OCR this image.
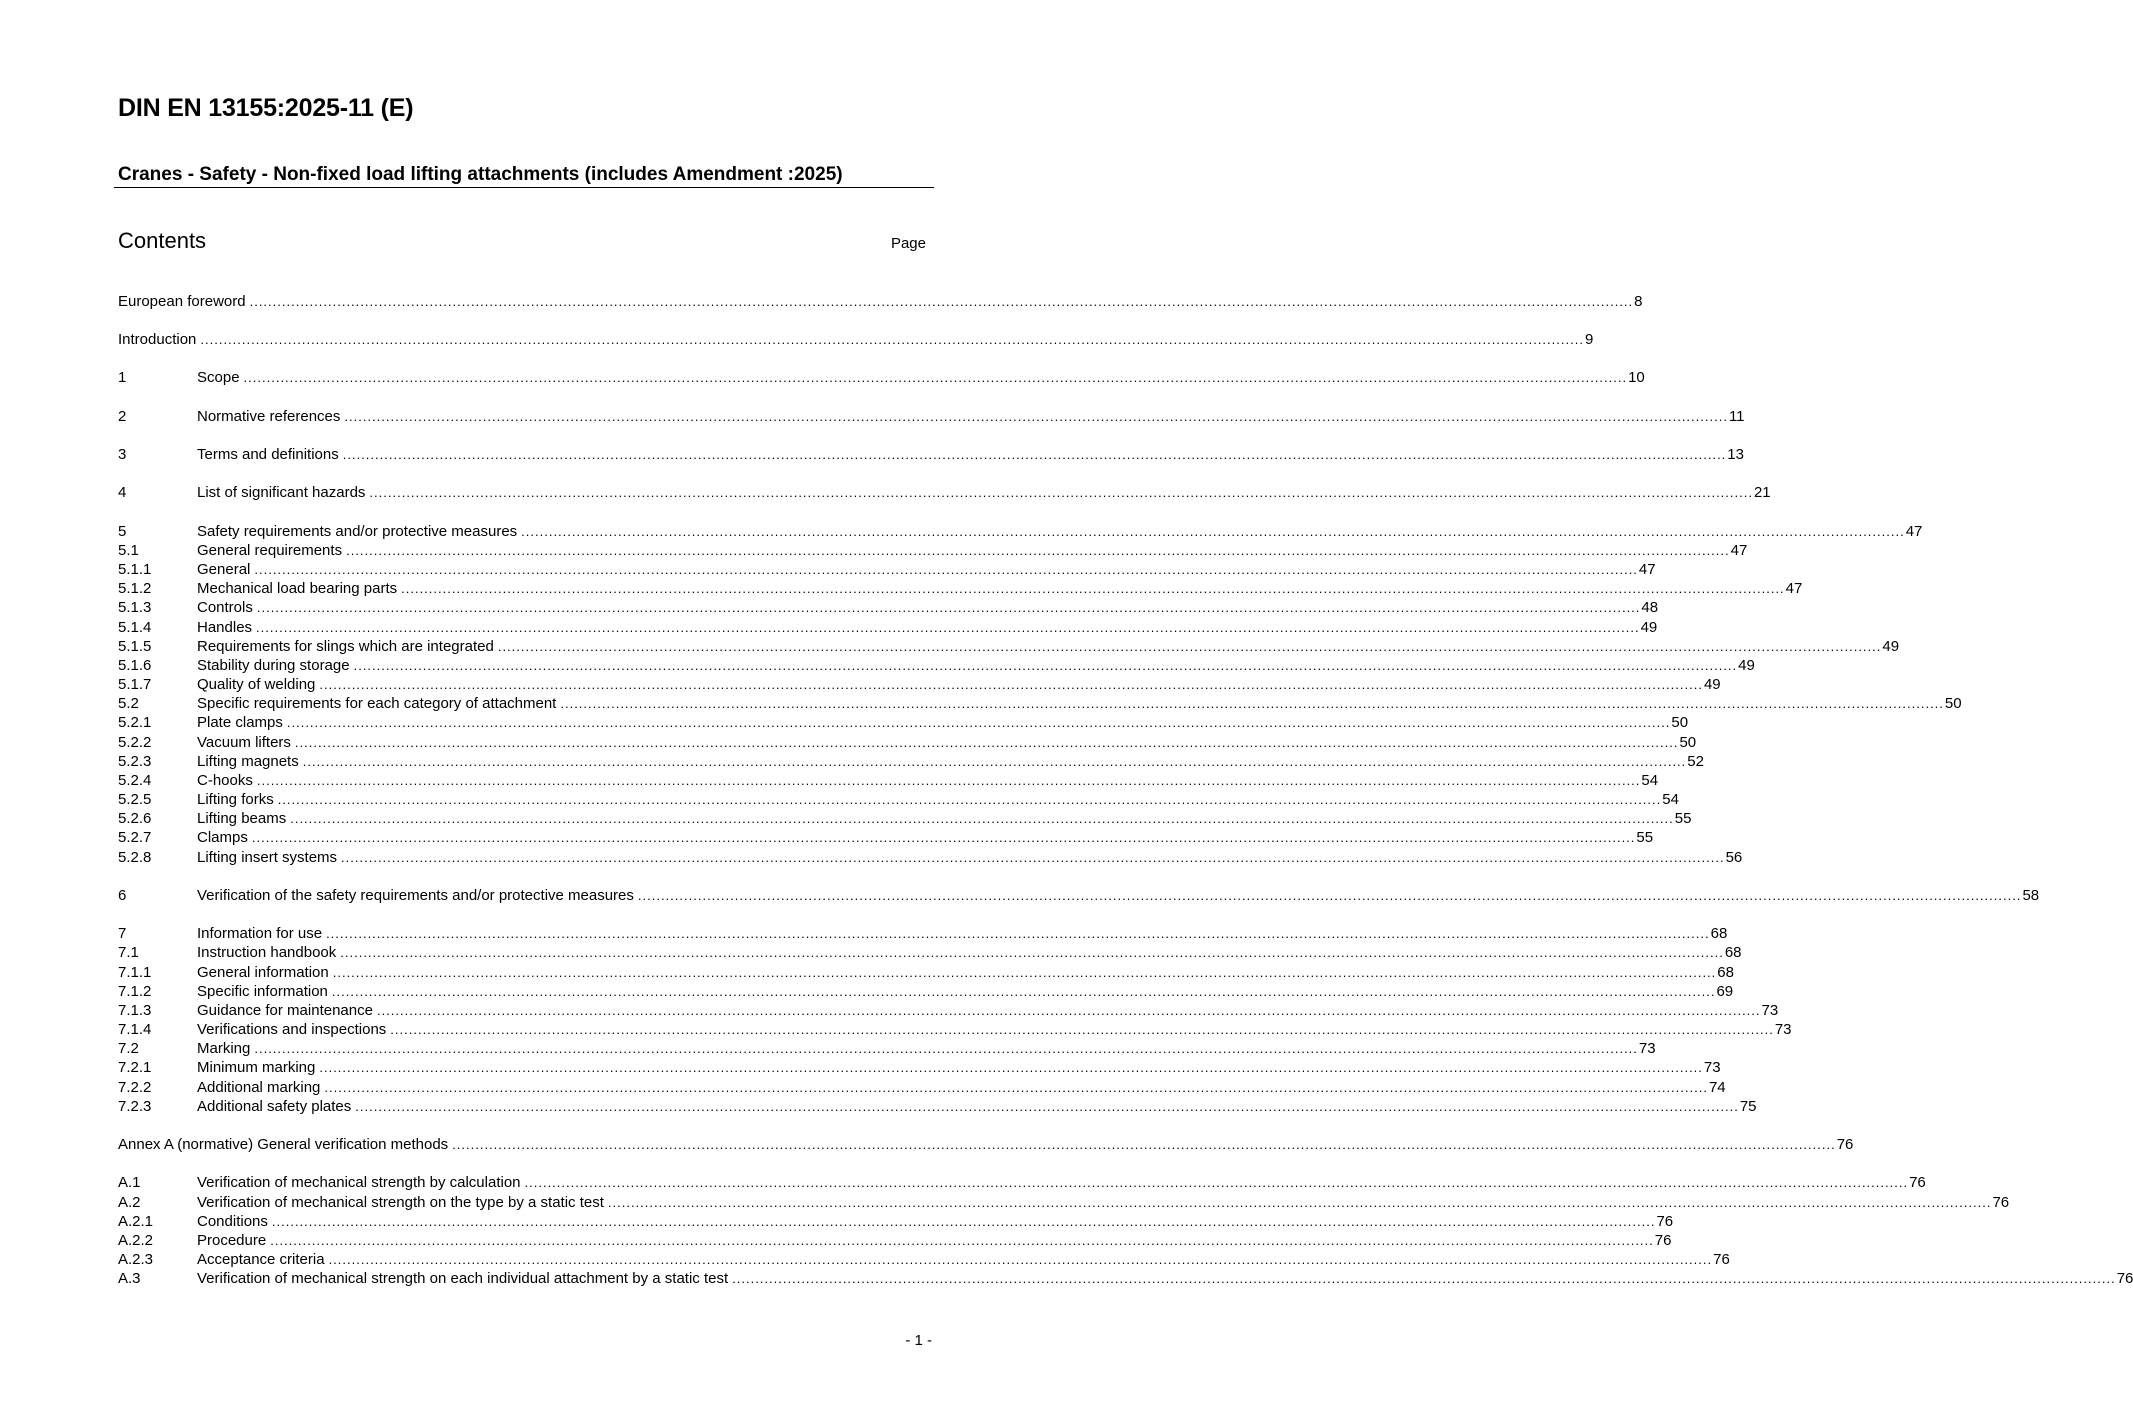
DIN EN 13155:2025-11 (E)
Cranes - Safety - Non-fixed load lifting attachments (includes Amendment :2025)
Contents	Page
European foreword ............................................................................................................................................................................................................................................................................................................ 8
Introduction ............................................................................................................................................................................................................................................................................................................ 9
1	Scope ............................................................................................................................................................................................................................................................................................................ 10
2	Normative references ............................................................................................................................................................................................................................................................................................................ 11
3	Terms and definitions ............................................................................................................................................................................................................................................................................................................ 13
4	List of significant hazards ............................................................................................................................................................................................................................................................................................................ 21
5	Safety requirements and/or protective measures ............................................................................................................................................................................................................................................................................................................ 47
5.1	General requirements ............................................................................................................................................................................................................................................................................................................ 47
5.1.1	General ............................................................................................................................................................................................................................................................................................................ 47
5.1.2	Mechanical load bearing parts ............................................................................................................................................................................................................................................................................................................ 47
5.1.3	Controls ............................................................................................................................................................................................................................................................................................................ 48
5.1.4	Handles ............................................................................................................................................................................................................................................................................................................ 49
5.1.5	Requirements for slings which are integrated ............................................................................................................................................................................................................................................................................................................ 49
5.1.6	Stability during storage ............................................................................................................................................................................................................................................................................................................ 49
5.1.7	Quality of welding ............................................................................................................................................................................................................................................................................................................ 49
5.2	Specific requirements for each category of attachment ............................................................................................................................................................................................................................................................................................................ 50
5.2.1	Plate clamps ............................................................................................................................................................................................................................................................................................................ 50
5.2.2	Vacuum lifters ............................................................................................................................................................................................................................................................................................................ 50
5.2.3	Lifting magnets ............................................................................................................................................................................................................................................................................................................ 52
5.2.4	C-hooks ............................................................................................................................................................................................................................................................................................................ 54
5.2.5	Lifting forks ............................................................................................................................................................................................................................................................................................................ 54
5.2.6	Lifting beams ............................................................................................................................................................................................................................................................................................................ 55
5.2.7	Clamps ............................................................................................................................................................................................................................................................................................................ 55
5.2.8	Lifting insert systems ............................................................................................................................................................................................................................................................................................................ 56
6	Verification of the safety requirements and/or protective measures ............................................................................................................................................................................................................................................................................................................ 58
7	Information for use ............................................................................................................................................................................................................................................................................................................ 68
7.1	Instruction handbook ............................................................................................................................................................................................................................................................................................................ 68
7.1.1	General information ............................................................................................................................................................................................................................................................................................................ 68
7.1.2	Specific information ............................................................................................................................................................................................................................................................................................................ 69
7.1.3	Guidance for maintenance ............................................................................................................................................................................................................................................................................................................ 73
7.1.4	Verifications and inspections ............................................................................................................................................................................................................................................................................................................ 73
7.2	Marking ............................................................................................................................................................................................................................................................................................................ 73
7.2.1	Minimum marking ............................................................................................................................................................................................................................................................................................................ 73
7.2.2	Additional marking ............................................................................................................................................................................................................................................................................................................ 74
7.2.3	Additional safety plates ............................................................................................................................................................................................................................................................................................................ 75
Annex A (normative) General verification methods ............................................................................................................................................................................................................................................................................................................ 76
A.1	Verification of mechanical strength by calculation ............................................................................................................................................................................................................................................................................................................ 76
A.2	Verification of mechanical strength on the type by a static test ............................................................................................................................................................................................................................................................................................................ 76
A.2.1	Conditions ............................................................................................................................................................................................................................................................................................................ 76
A.2.2	Procedure ............................................................................................................................................................................................................................................................................................................ 76
A.2.3	Acceptance criteria ............................................................................................................................................................................................................................................................................................................ 76
A.3	Verification of mechanical strength on each individual attachment by a static test ............................................................................................................................................................................................................................................................................................................ 76
- 1 -
